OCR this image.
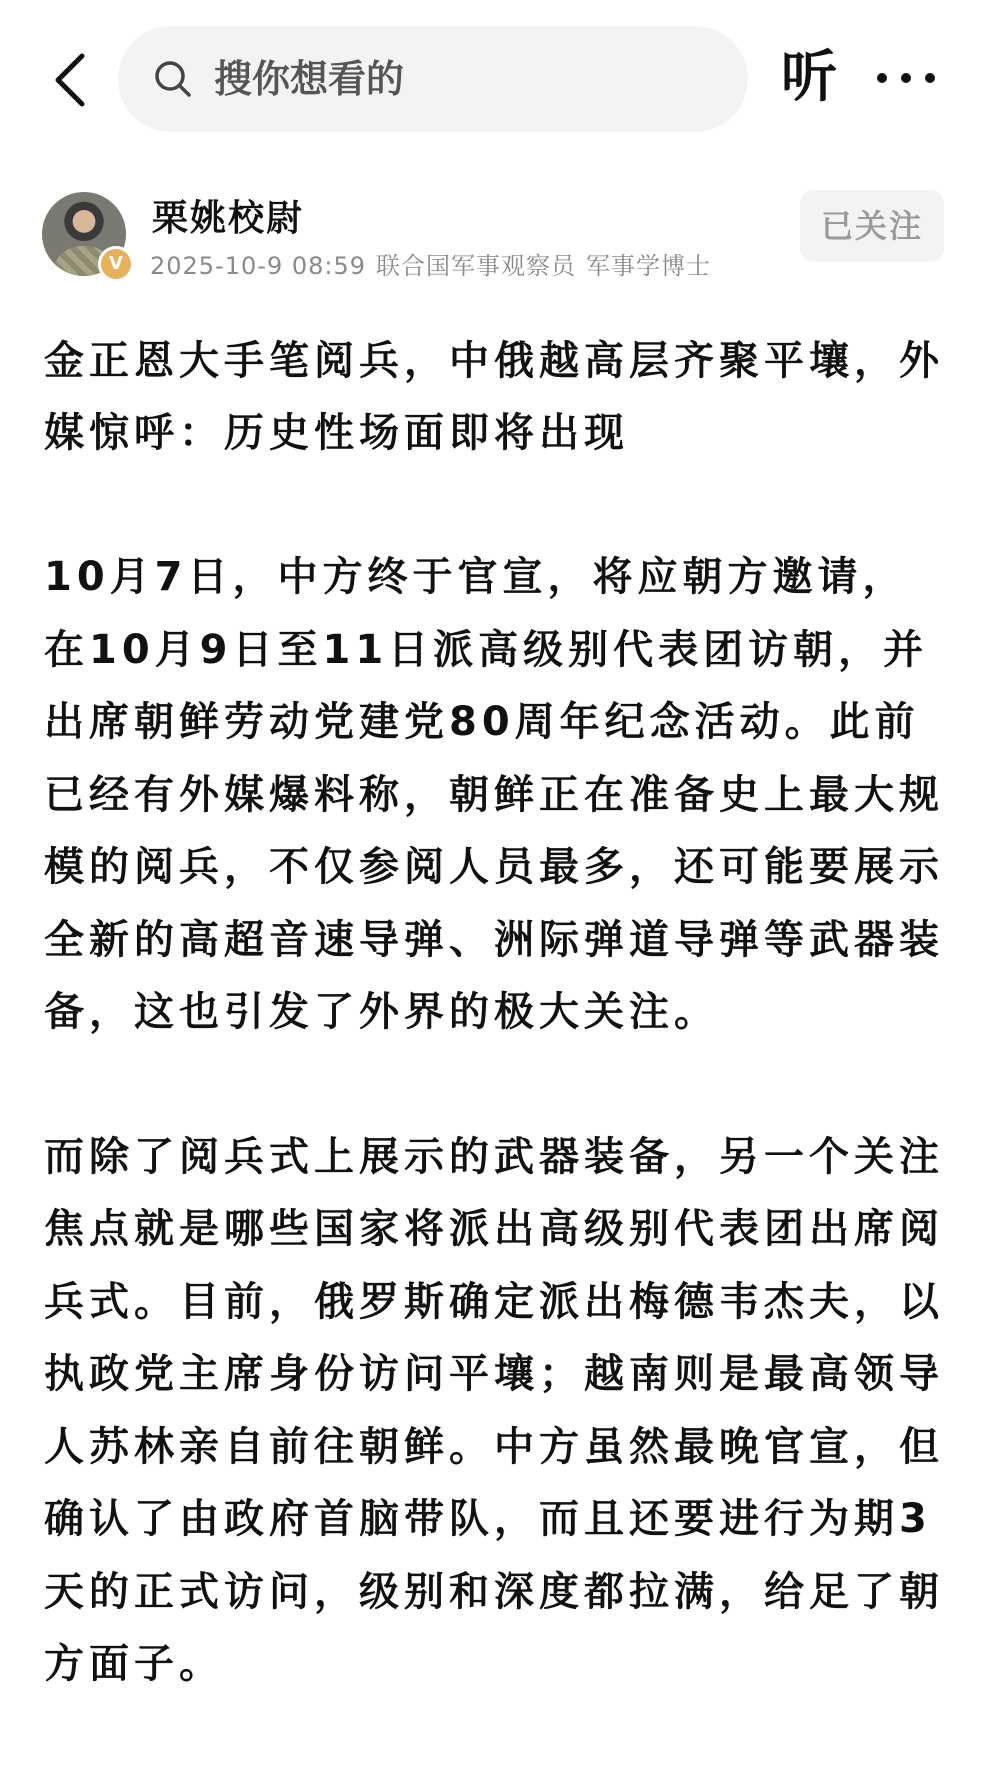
搜你想看的
听
V
栗姚校尉
2025-10-9 08:59 联合国军事观察员 军事学博士
已关注

金正恩大手笔阅兵，中俄越高层齐聚平壤，外媒惊呼：历史性场面即将出现

10月7日，中方终于官宣，将应朝方邀请，在10月9日至11日派高级别代表团访朝，并出席朝鲜劳动党建党80周年纪念活动。此前已经有外媒爆料称，朝鲜正在准备史上最大规模的阅兵，不仅参阅人员最多，还可能要展示全新的高超音速导弹、洲际弹道导弹等武器装备，这也引发了外界的极大关注。

而除了阅兵式上展示的武器装备，另一个关注焦点就是哪些国家将派出高级别代表团出席阅兵式。目前，俄罗斯确定派出梅德韦杰夫，以执政党主席身份访问平壤；越南则是最高领导人苏林亲自前往朝鲜。中方虽然最晚官宣，但确认了由政府首脑带队，而且还要进行为期3天的正式访问，级别和深度都拉满，给足了朝方面子。
